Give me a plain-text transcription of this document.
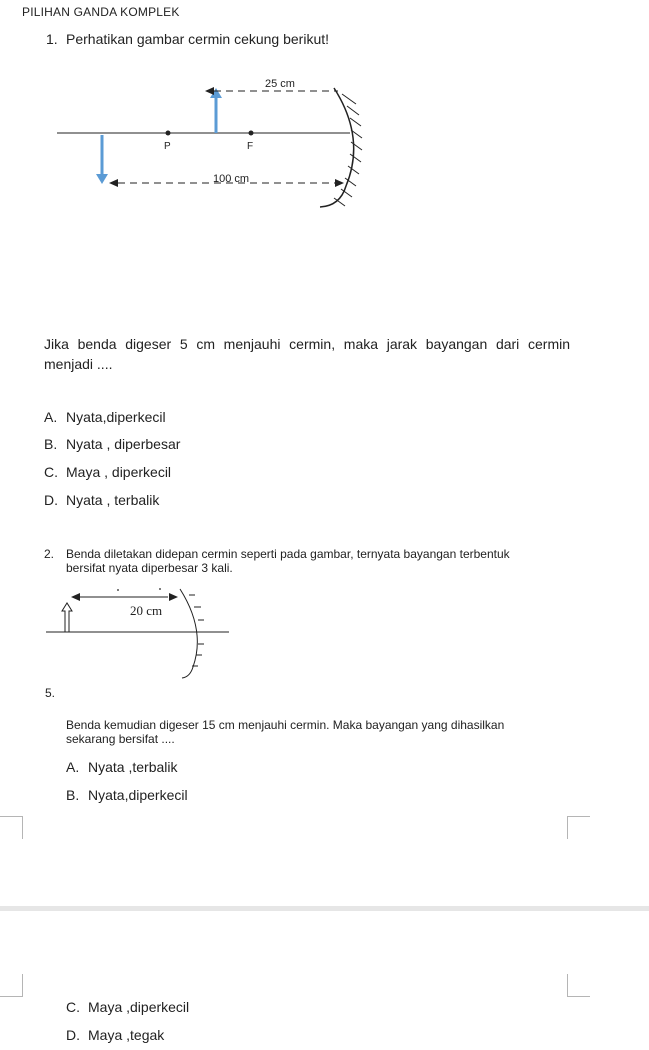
PILIHAN GANDA KOMPLEK
1. Perhatikan gambar cermin cekung berikut!
P	F
25 cm
100 cm
Jika benda digeser 5 cm menjauhi cermin, maka jarak bayangan dari cermin menjadi ....
A. Nyata,diperkecil
B. Nyata , diperbesar
C. Maya , diperkecil
D. Nyata , terbalik
2. Benda diletakan didepan cermin seperti pada gambar, ternyata bayangan terbentuk
bersifat nyata diperbesar 3 kali.
20 cm
5.
Benda kemudian digeser 15 cm menjauhi cermin. Maka bayangan yang dihasilkan
sekarang bersifat ....
A. Nyata ,terbalik
B. Nyata,diperkecil
C. Maya ,diperkecil
D. Maya ,tegak
